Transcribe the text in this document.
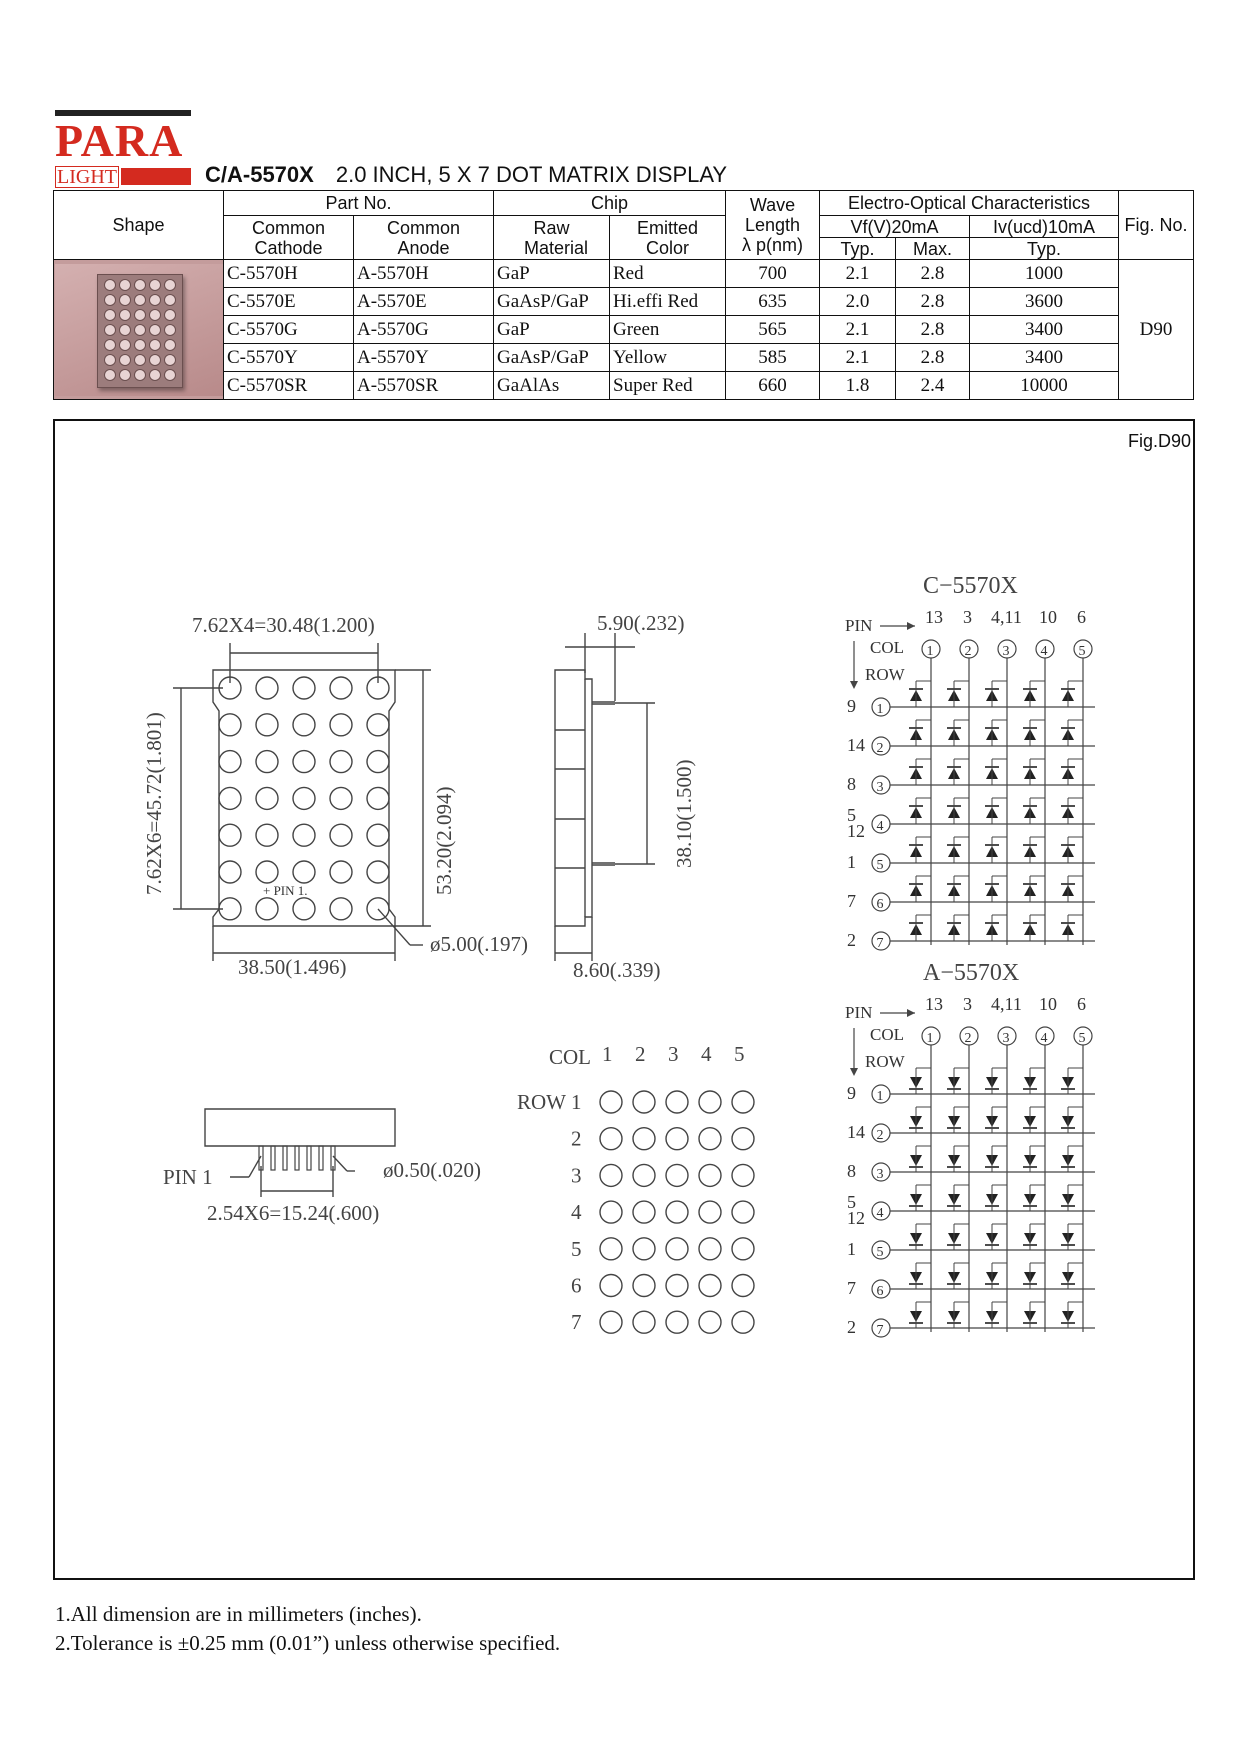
PARA
LIGHT	C/A-5570X 2.0 INCH, 5 X 7 DOT MATRIX DISPLAY
Shape	Part No.		Chip		Wave Length
λ p(nm)	Electro-Optical Characteristics			Fig. No.
	Common Cathode	Common Anode	Raw Material	Emitted Color		Vf(V)20mA		Iv(ucd)10mA	
						Typ.	Max.	Typ.	

	C-5570H	A-5570H	GaP	Red	700	2.1	2.8	1000	D90
	C-5570E	A-5570E	GaAsP/GaP	Hi.effi Red	635	2.0	2.8	3600	
	C-5570G	A-5570G	GaP	Green	565	2.1	2.8	3400	
	C-5570Y	A-5570Y	GaAsP/GaP	Yellow	585	2.1	2.8	3400	
	C-5570SR	A-5570SR	GaAlAs	Super Red	660	1.8	2.4	10000	
Fig.D90
7.62X4=30.48(1.200)
7.62X6=45.72(1.801)	53.20(2.094)
38.50(1.496)
ø5.00(.197)
+ PIN 1.
5.90(.232)
38.10(1.500)
8.60(.339)
PIN 1	ø0.50(.020)
2.54X6=15.24(.600)
COL
ROW
1 2 3 4 5
1
2
3
4
5
6
7
C−5570X
PIN
COL
ROW
13
1
3
2
4,11
3
10
4
6
5
9 1
14 2
8 3
5
12 4
1 5
7 6
2 7
A−5570X
PIN
COL
ROW
13
1
3
2
4,11
3
10
4
6
5
9 1
14 2
8 3
5
12 4
1 5
7 6
2 7
1.All dimension are in millimeters (inches).
2.Tolerance is ±0.25 mm (0.01”) unless otherwise specified.
